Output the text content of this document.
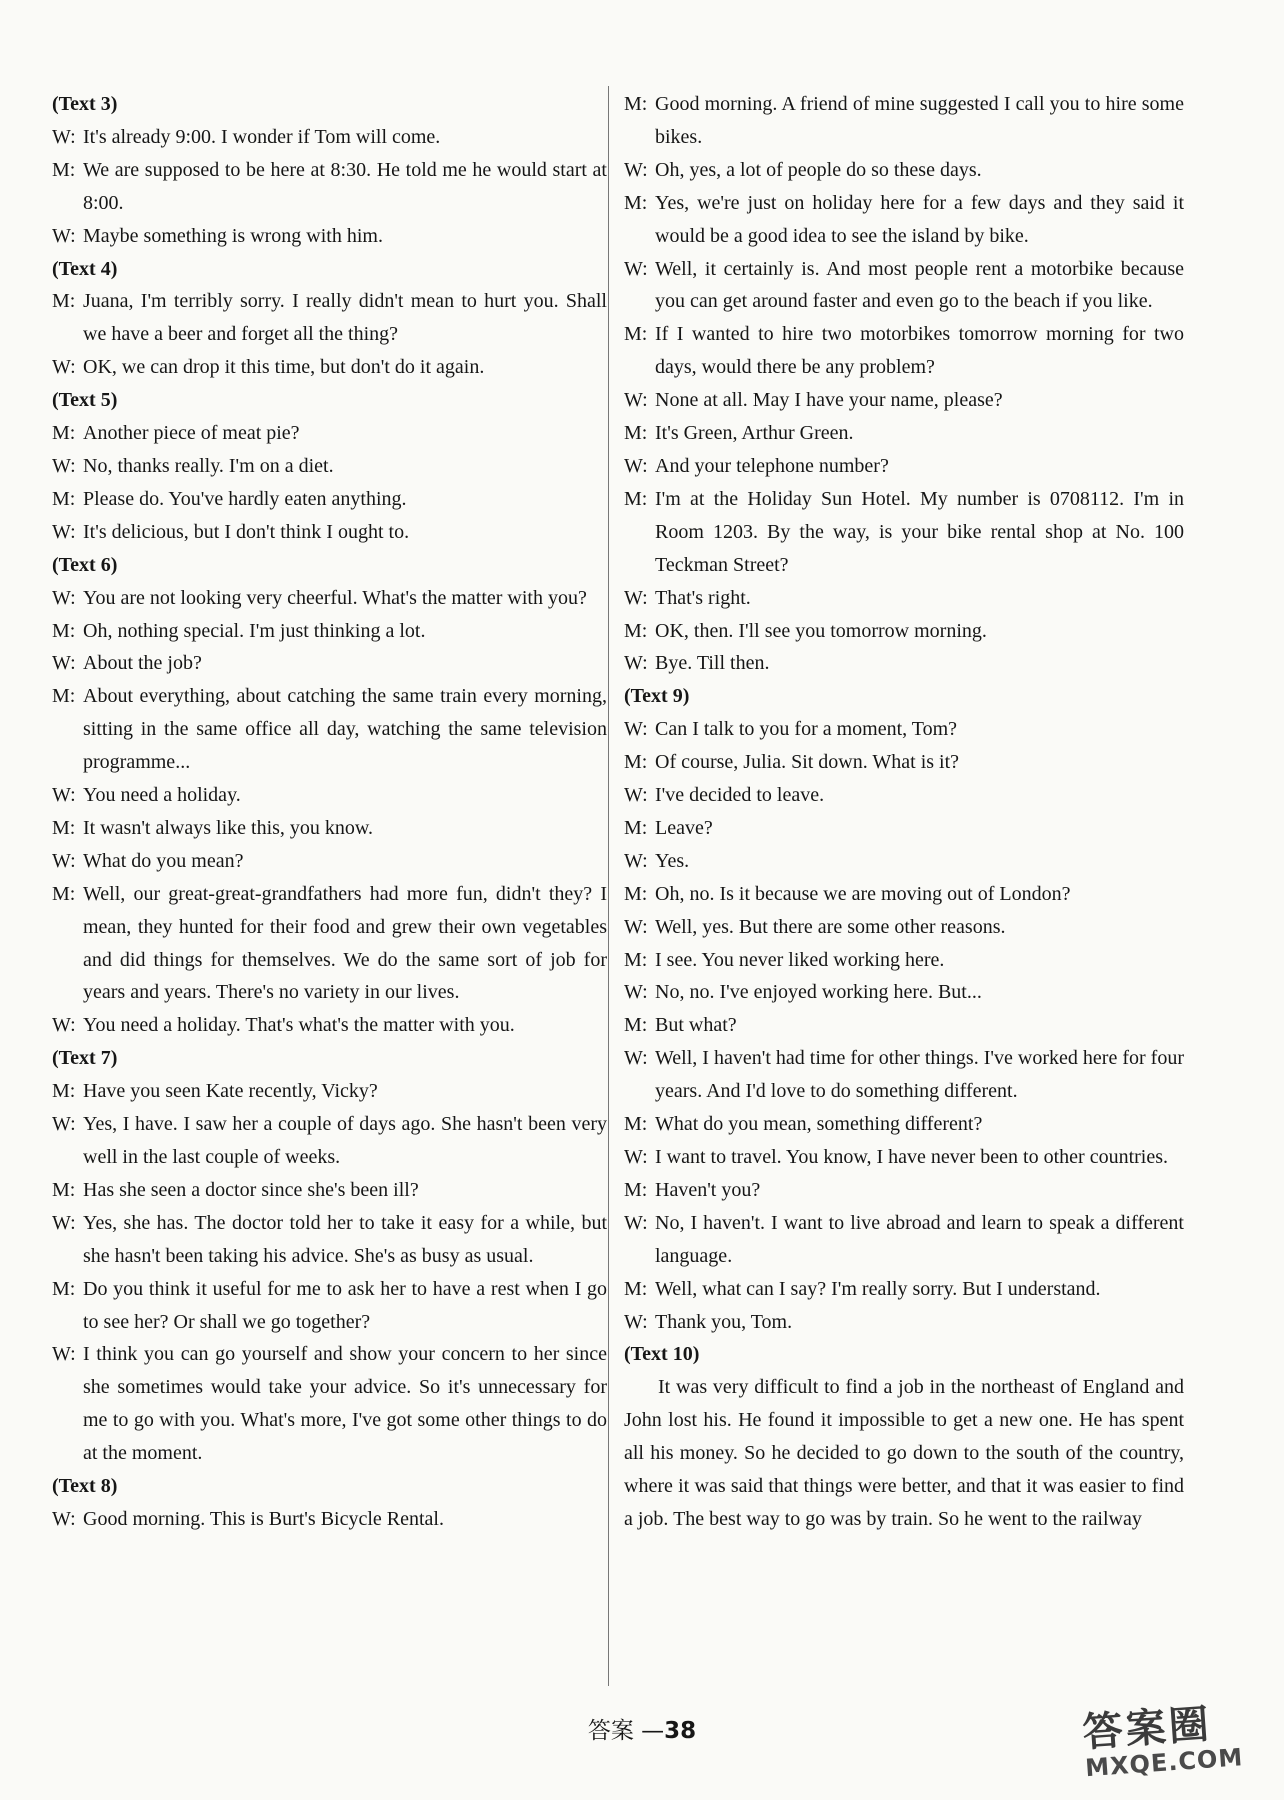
(Text 3)
W: It's already 9:00. I wonder if Tom will come.
M: We are supposed to be here at 8:30. He told me he would start at 8:00.
W: Maybe something is wrong with him.
(Text 4)
M: Juana, I'm terribly sorry. I really didn't mean to hurt you. Shall we have a beer and forget all the thing?
W: OK, we can drop it this time, but don't do it again.
(Text 5)
M: Another piece of meat pie?
W: No, thanks really. I'm on a diet.
M: Please do. You've hardly eaten anything.
W: It's delicious, but I don't think I ought to.
(Text 6)
W: You are not looking very cheerful. What's the matter with you?
M: Oh, nothing special. I'm just thinking a lot.
W: About the job?
M: About everything, about catching the same train every morning, sitting in the same office all day, watching the same television programme...
W: You need a holiday.
M: It wasn't always like this, you know.
W: What do you mean?
M: Well, our great-great-grandfathers had more fun, didn't they? I mean, they hunted for their food and grew their own vegetables and did things for themselves. We do the same sort of job for years and years. There's no variety in our lives.
W: You need a holiday. That's what's the matter with you.
(Text 7)
M: Have you seen Kate recently, Vicky?
W: Yes, I have. I saw her a couple of days ago. She hasn't been very well in the last couple of weeks.
M: Has she seen a doctor since she's been ill?
W: Yes, she has. The doctor told her to take it easy for a while, but she hasn't been taking his advice. She's as busy as usual.
M: Do you think it useful for me to ask her to have a rest when I go to see her? Or shall we go together?
W: I think you can go yourself and show your concern to her since she sometimes would take your advice. So it's unnecessary for me to go with you. What's more, I've got some other things to do at the moment.
(Text 8)
W: Good morning. This is Burt's Bicycle Rental.
M: Good morning. A friend of mine suggested I call you to hire some bikes.
W: Oh, yes, a lot of people do so these days.
M: Yes, we're just on holiday here for a few days and they said it would be a good idea to see the island by bike.
W: Well, it certainly is. And most people rent a motorbike because you can get around faster and even go to the beach if you like.
M: If I wanted to hire two motorbikes tomorrow morning for two days, would there be any problem?
W: None at all. May I have your name, please?
M: It's Green, Arthur Green.
W: And your telephone number?
M: I'm at the Holiday Sun Hotel. My number is 0708112. I'm in Room 1203. By the way, is your bike rental shop at No. 100 Teckman Street?
W: That's right.
M: OK, then. I'll see you tomorrow morning.
W: Bye. Till then.
(Text 9)
W: Can I talk to you for a moment, Tom?
M: Of course, Julia. Sit down. What is it?
W: I've decided to leave.
M: Leave?
W: Yes.
M: Oh, no. Is it because we are moving out of London?
W: Well, yes. But there are some other reasons.
M: I see. You never liked working here.
W: No, no. I've enjoyed working here. But...
M: But what?
W: Well, I haven't had time for other things. I've worked here for four years. And I'd love to do something different.
M: What do you mean, something different?
W: I want to travel. You know, I have never been to other countries.
M: Haven't you?
W: No, I haven't. I want to live abroad and learn to speak a different language.
M: Well, what can I say? I'm really sorry. But I understand.
W: Thank you, Tom.
(Text 10)
It was very difficult to find a job in the northeast of England and John lost his. He found it impossible to get a new one. He has spent all his money. So he decided to go down to the south of the country, where it was said that things were better, and that it was easier to find a job. The best way to go was by train. So he went to the railway
答案 —38	答案圈
MXQE.COM
